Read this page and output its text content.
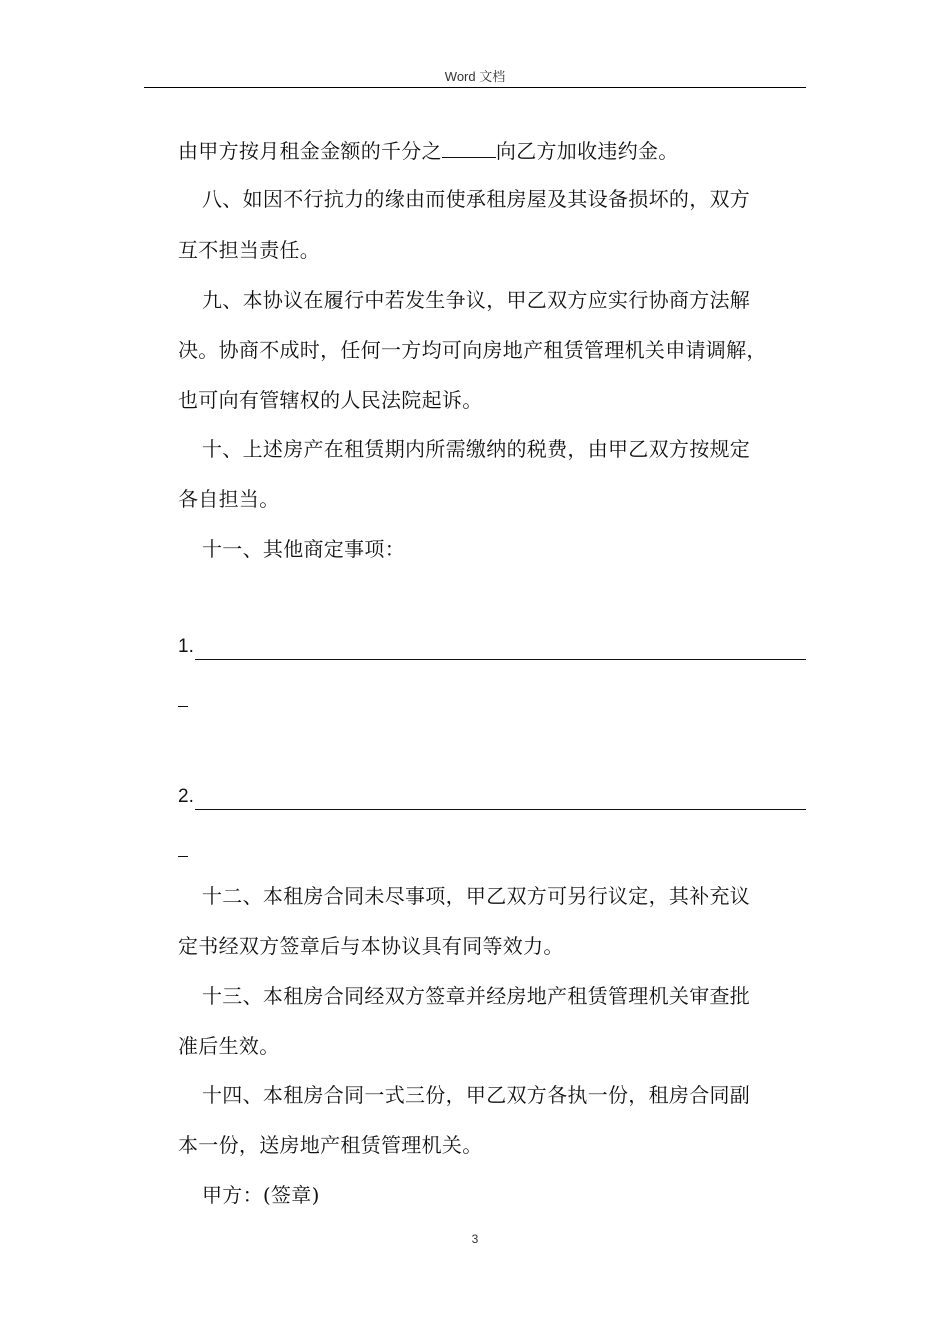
Word 文档
由甲方按月租金金额的千分之	向乙方加收违约金。
八、如因不行抗力的缘由而使承租房屋及其设备损坏的，双方
互不担当责任。
九、本协议在履行中若发生争议，甲乙双方应实行协商方法解
决。协商不成时，任何一方均可向房地产租赁管理机关申请调解，
也可向有管辖权的人民法院起诉。
十、上述房产在租赁期内所需缴纳的税费，由甲乙双方按规定
各自担当。
十一、其他商定事项：
1.
2.
十二、本租房合同未尽事项，甲乙双方可另行议定，其补充议
定书经双方签章后与本协议具有同等效力。
十三、本租房合同经双方签章并经房地产租赁管理机关审查批
准后生效。
十四、本租房合同一式三份，甲乙双方各执一份，租房合同副
本一份，送房地产租赁管理机关。
甲方：(签章)
3
